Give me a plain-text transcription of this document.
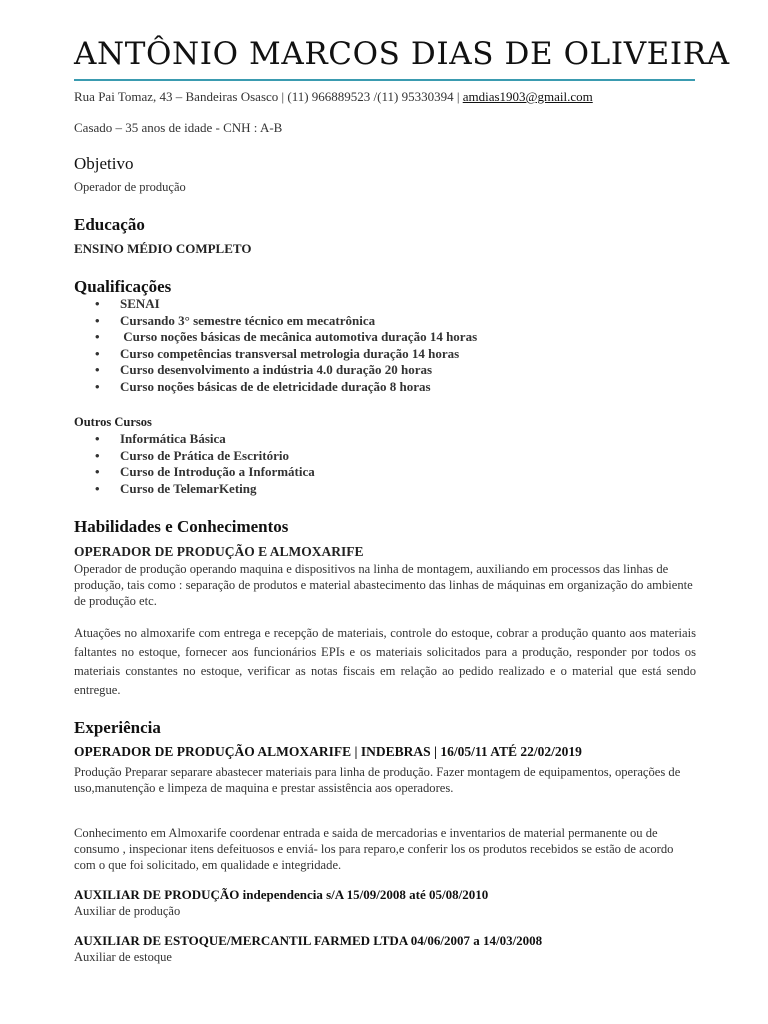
ANTÔNIO MARCOS DIAS DE OLIVEIRA
Rua Pai Tomaz, 43 – Bandeiras Osasco | (11) 966889523 /(11) 95330394 | amdias1903@gmail.com
Casado – 35 anos de idade - CNH : A-B
Objetivo
Operador de produção
Educação
ENSINO MÉDIO COMPLETO
Qualificações
• SENAI
• Cursando 3° semestre técnico em mecatrônica
• Curso noções básicas de mecânica automotiva duração 14 horas
• Curso competências transversal metrologia duração 14 horas
• Curso desenvolvimento a indústria 4.0 duração 20 horas
• Curso noções básicas de de eletricidade duração 8 horas
Outros Cursos
• Informática Básica
• Curso de Prática de Escritório
• Curso de Introdução a Informática
• Curso de TelemarKeting
Habilidades e Conhecimentos
OPERADOR DE PRODUÇÃO E ALMOXARIFE
Operador de produção operando maquina e dispositivos na linha de montagem, auxiliando em processos das linhas de produção, tais como : separação de produtos e material abastecimento das linhas de máquinas em organização do ambiente de produção etc.
Atuações no almoxarife com entrega e recepção de materiais, controle do estoque, cobrar a produção quanto aos materiais faltantes no estoque, fornecer aos funcionários EPIs e os materiais solicitados para a produção, responder por todos os materiais constantes no estoque, verificar as notas fiscais em relação ao pedido realizado e o material que está sendo entregue.
Experiência
OPERADOR DE PRODUÇÃO ALMOXARIFE | INDEBRAS | 16/05/11 ATÉ 22/02/2019
Produção Preparar separare abastecer materiais para linha de produção. Fazer montagem de equipamentos, operações de uso,manutenção e limpeza de maquina e prestar assistência aos operadores.
Conhecimento em Almoxarife coordenar entrada e saida de mercadorias e inventarios de material permanente ou de consumo , inspecionar itens defeituosos e enviá- los para reparo,e conferir los os produtos recebidos se estão de acordo com o que foi solicitado, em qualidade e integridade.
AUXILIAR DE PRODUÇÃO independencia s/A 15/09/2008 até 05/08/2010
Auxiliar de produção
AUXILIAR DE ESTOQUE/MERCANTIL FARMED LTDA 04/06/2007 a 14/03/2008
Auxiliar de estoque
